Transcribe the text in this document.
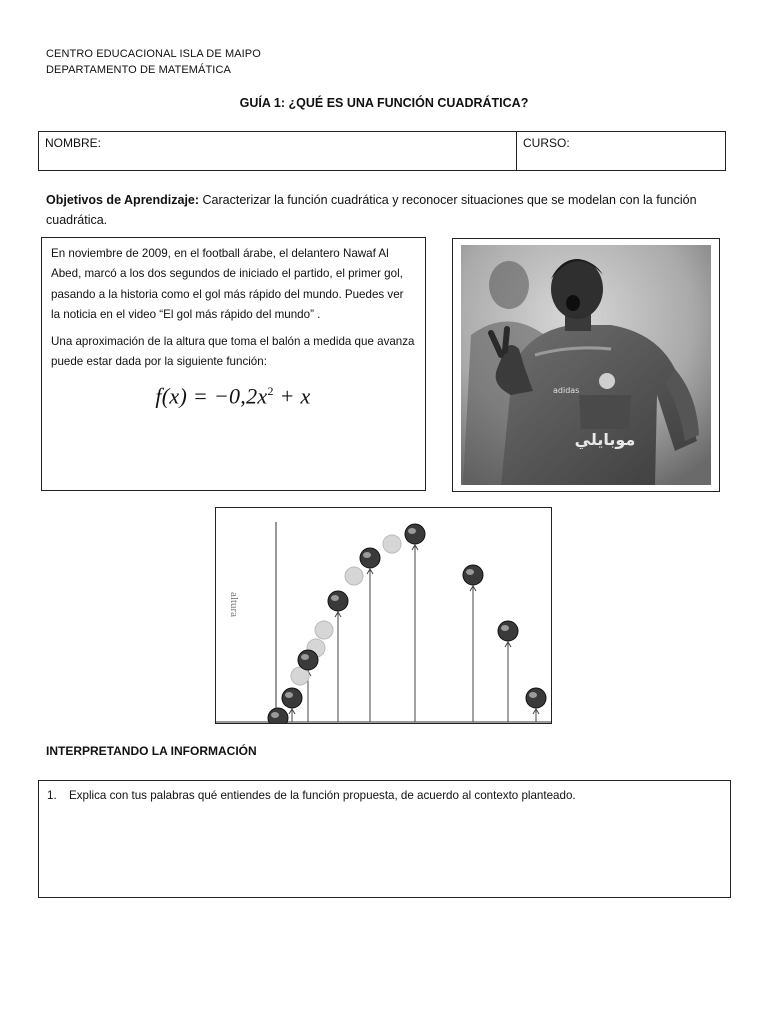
CENTRO EDUCACIONAL ISLA DE MAIPO
DEPARTAMENTO DE MATEMÁTICA
GUÍA 1: ¿QUÉ ES UNA FUNCIÓN CUADRÁTICA?
NOMBRE:	CURSO:
Objetivos de Aprendizaje: Caracterizar la función cuadrática y reconocer situaciones que se modelan con la función cuadrática.

En noviembre de 2009, en el football árabe, el delantero Nawaf Al Abed, marcó a los dos segundos de iniciado el partido, el primer gol, pasando a la historia como el gol más rápido del mundo. Puedes ver la noticia en el video “El gol más rápido del mundo” .

Una aproximación de la altura que toma el balón a medida que avanza puede estar dada por la siguiente función:

$f(x) = -0,2x^2 + x$
موبايلي
adidas
altura
INTERPRETANDO LA INFORMACIÓN
1. Explica con tus palabras qué entiendes de la función propuesta, de acuerdo al contexto planteado.
